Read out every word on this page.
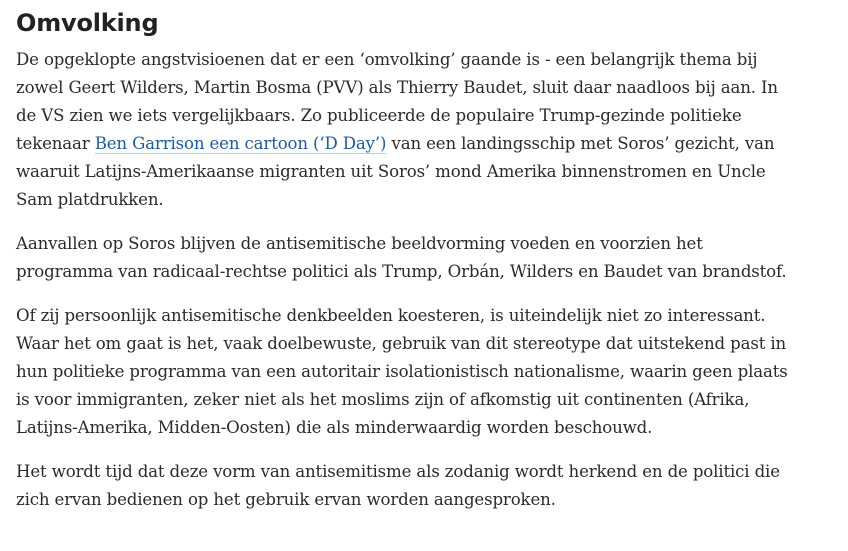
Omvolking

De opgeklopte angstvisioenen dat er een ‘omvolking’ gaande is - een belangrijk thema bij
zowel Geert Wilders, Martin Bosma (PVV) als Thierry Baudet, sluit daar naadloos bij aan. In
de VS zien we iets vergelijkbaars. Zo publiceerde de populaire Trump-gezinde politieke
tekenaar Ben Garrison een cartoon (‘D Day’) van een landingsschip met Soros’ gezicht, van
waaruit Latijns-Amerikaanse migranten uit Soros’ mond Amerika binnenstromen en Uncle
Sam platdrukken.

Aanvallen op Soros blijven de antisemitische beeldvorming voeden en voorzien het
programma van radicaal-rechtse politici als Trump, Orbán, Wilders en Baudet van brandstof.

Of zij persoonlijk antisemitische denkbeelden koesteren, is uiteindelijk niet zo interessant.
Waar het om gaat is het, vaak doelbewuste, gebruik van dit stereotype dat uitstekend past in
hun politieke programma van een autoritair isolationistisch nationalisme, waarin geen plaats
is voor immigranten, zeker niet als het moslims zijn of afkomstig uit continenten (Afrika,
Latijns-Amerika, Midden-Oosten) die als minderwaardig worden beschouwd.

Het wordt tijd dat deze vorm van antisemitisme als zodanig wordt herkend en de politici die
zich ervan bedienen op het gebruik ervan worden aangesproken.
